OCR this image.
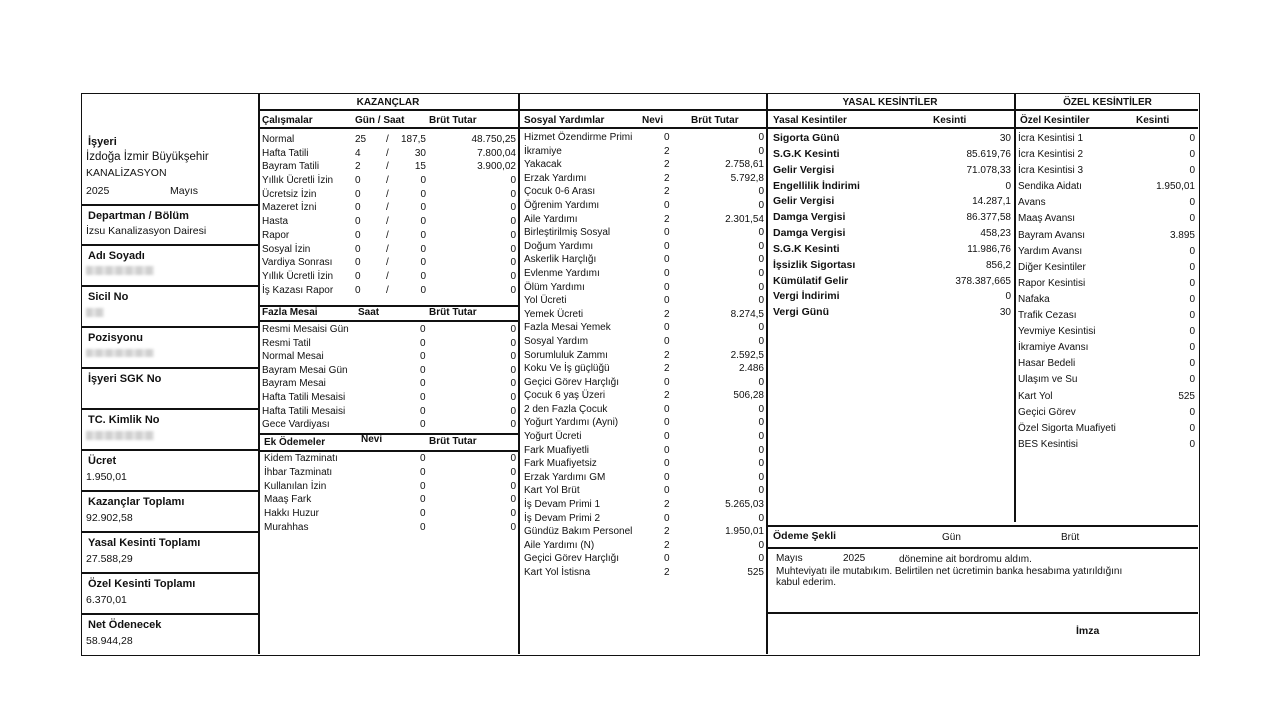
KAZANÇLAR	YASAL KESİNTİLER	ÖZEL KESİNTİLER
İşyeri
İzdoğa İzmir Büyükşehir
KANALİZASYON
2025	Mayıs
Departman / Bölüm
İzsu Kanalizasyon Dairesi
Adı Soyadı
Sicil No
Pozisyonu
İşyeri SGK No
TC. Kimlik No
Ücret
1.950,01
Kazançlar Toplamı
92.902,58
Yasal Kesinti Toplamı
27.588,29
Özel Kesinti Toplamı
6.370,01
Net Ödenecek
58.944,28
Çalışmalar	Gün / Saat Brüt Tutar
Normal	25 / 187,5	48.750,25
Hafta Tatili	4	/	30	7.800,04
Bayram Tatili	2	/	15	3.900,02
Yıllık Ücretli İzin 0	/	0	0
Ücretsiz İzin	0	/	0	0
Mazeret İzni	0	/	0	0
Hasta	0	/	0	0
Rapor	0	/	0	0
Sosyal İzin	0	/	0	0
Vardiya Sonrası 0	/	0	0
Yıllık Ücretli İzin 0	/	0	0
İş Kazası Rapor 0	/	0	0
Fazla Mesai	Saat	Brüt Tutar
Resmi Mesaisi Gün	0	0
Resmi Tatil	0	0
Normal Mesai	0	0
Bayram Mesai Gün	0	0
Bayram Mesai	0	0
Hafta Tatili Mesaisi	0	0
Hafta Tatili Mesaisi	0	0
Gece Vardiyası	0	0
Ek Ödemeler	Nevi	Brüt Tutar
Kidem Tazminatı	0	0
İhbar Tazminatı	0	0
Kullanılan İzin	0	0
Maaş Fark	0	0
Hakkı Huzur	0	0
Murahhas	0	0
Sosyal Yardımlar	Nevi	Brüt Tutar
Hizmet Özendirme Primi	0	0
İkramiye	2	0
Yakacak	2	2.758,61
Erzak Yardımı	2	5.792,8
Çocuk 0-6 Arası	2	0
Öğrenim Yardımı	0	0
Aile Yardımı	2	2.301,54
Birleştirilmiş Sosyal	0	0
Doğum Yardımı	0	0
Askerlik Harçlığı	0	0
Evlenme Yardımı	0	0
Ölüm Yardımı	0	0
Yol Ücreti	0	0
Yemek Ücreti	2	8.274,5
Fazla Mesai Yemek	0	0
Sosyal Yardım	0	0
Sorumluluk Zammı	2	2.592,5
Koku Ve İş güçlüğü	2	2.486
Geçici Görev Harçlığı	0	0
Çocuk 6 yaş Üzeri	2	506,28
2 den Fazla Çocuk	0	0
Yoğurt Yardımı (Ayni)	0	0
Yoğurt Ücreti	0	0
Fark Muafiyetli	0	0
Fark Muafiyetsiz	0	0
Erzak Yardımı GM	0	0
Kart Yol Brüt	0	0
İş Devam Primi 1	2	5.265,03
İş Devam Primi 2	0	0
Gündüz Bakım Personel	2	1.950,01
Aile Yardımı (N)	2	0
Geçici Görev Harçlığı	0	0
Kart Yol İstisna	2	525
Yasal Kesintiler	Kesinti
Sigorta Günü	30
S.G.K Kesinti	85.619,76
Gelir Vergisi	71.078,33
Engellilik İndirimi	0
Gelir Vergisi	14.287,1
Damga Vergisi	86.377,58
Damga Vergisi	458,23
S.G.K Kesinti	11.986,76
İşsizlik Sigortası	856,2
Kümülatif Gelir	378.387,665
Vergi İndirimi	0
Vergi Günü	30
Özel Kesintiler	Kesinti
İcra Kesintisi 1	0
İcra Kesintisi 2	0
İcra Kesintisi 3	0
Sendika Aidatı	1.950,01
Avans	0
Maaş Avansı	0
Bayram Avansı	3.895
Yardım Avansı	0
Diğer Kesintiler	0
Rapor Kesintisi	0
Nafaka	0
Trafik Cezası	0
Yevmiye Kesintisi	0
İkramiye Avansı	0
Hasar Bedeli	0
Ulaşım ve Su	0
Kart Yol	525
Geçici Görev	0
Özel Sigorta Muafiyeti	0
BES Kesintisi	0
Ödeme Şekli	Gün	Brüt
Mayıs	2025	dönemine ait bordromu aldım.
Muhteviyatı ile mutabıkım. Belirtilen net ücretimin banka hesabıma yatırıldığını
kabul ederim.
İmza
